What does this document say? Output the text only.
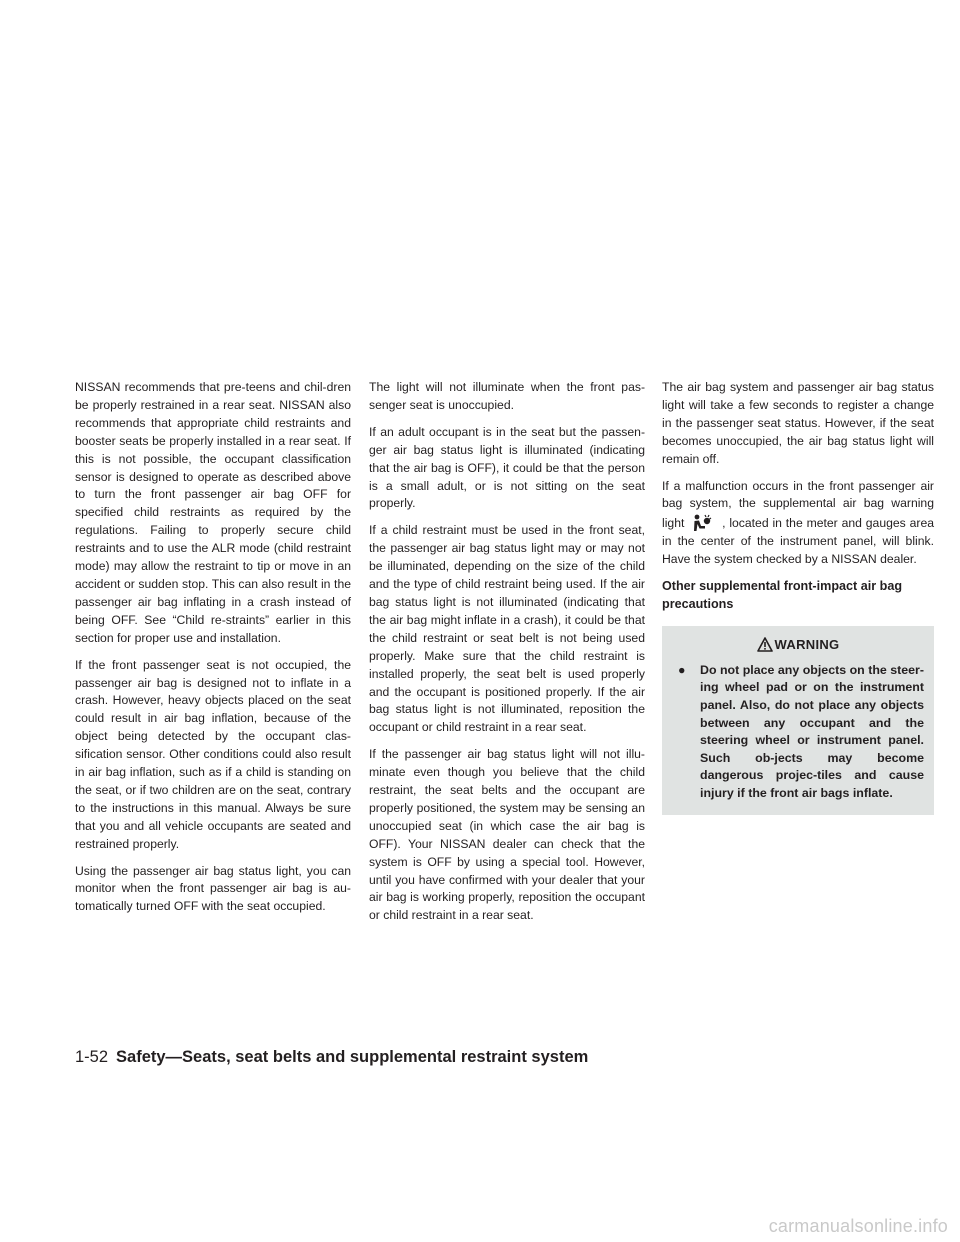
NISSAN recommends that pre-teens and chil-dren be properly restrained in a rear seat. NISSAN also recommends that appropriate child restraints and booster seats be properly installed in a rear seat. If this is not possible, the occupant classification sensor is designed to operate as described above to turn the front passenger air bag OFF for specified child restraints as required by the regulations. Failing to properly secure child restraints and to use the ALR mode (child restraint mode) may allow the restraint to tip or move in an accident or sudden stop. This can also result in the passenger air bag inflating in a crash instead of being OFF. See “Child re-straints” earlier in this section for proper use and installation.

If the front passenger seat is not occupied, the passenger air bag is designed not to inflate in a crash. However, heavy objects placed on the seat could result in air bag inflation, because of the object being detected by the occupant clas-sification sensor. Other conditions could also result in air bag inflation, such as if a child is standing on the seat, or if two children are on the seat, contrary to the instructions in this manual. Always be sure that you and all vehicle occupants are seated and restrained properly.

Using the passenger air bag status light, you can monitor when the front passenger air bag is au-tomatically turned OFF with the seat occupied.

The light will not illuminate when the front pas-senger seat is unoccupied.

If an adult occupant is in the seat but the passen-ger air bag status light is illuminated (indicating that the air bag is OFF), it could be that the person is a small adult, or is not sitting on the seat properly.

If a child restraint must be used in the front seat, the passenger air bag status light may or may not be illuminated, depending on the size of the child and the type of child restraint being used. If the air bag status light is not illuminated (indicating that the air bag might inflate in a crash), it could be that the child restraint or seat belt is not being used properly. Make sure that the child restraint is installed properly, the seat belt is used properly and the occupant is positioned properly. If the air bag status light is not illuminated, reposition the occupant or child restraint in a rear seat.

If the passenger air bag status light will not illu-minate even though you believe that the child restraint, the seat belts and the occupant are properly positioned, the system may be sensing an unoccupied seat (in which case the air bag is OFF). Your NISSAN dealer can check that the system is OFF by using a special tool. However, until you have confirmed with your dealer that your air bag is working properly, reposition the occupant or child restraint in a rear seat.

The air bag system and passenger air bag status light will take a few seconds to register a change in the passenger seat status. However, if the seat becomes unoccupied, the air bag status light will remain off.

If a malfunction occurs in the front passenger air bag system, the supplemental air bag warning light	, located in the meter and gauges area in the center of the instrument panel, will blink. Have the system checked by a NISSAN dealer.

Other supplemental front-impact air bag precautions
WARNING
●	Do not place any objects on the steer-ing wheel pad or on the instrument panel. Also, do not place any objects between any occupant and the steering wheel or instrument panel. Such ob-jects may become dangerous projec-tiles and cause injury if the front air bags inflate.
1-52 Safety—Seats, seat belts and supplemental restraint system
carmanualsonline.info
